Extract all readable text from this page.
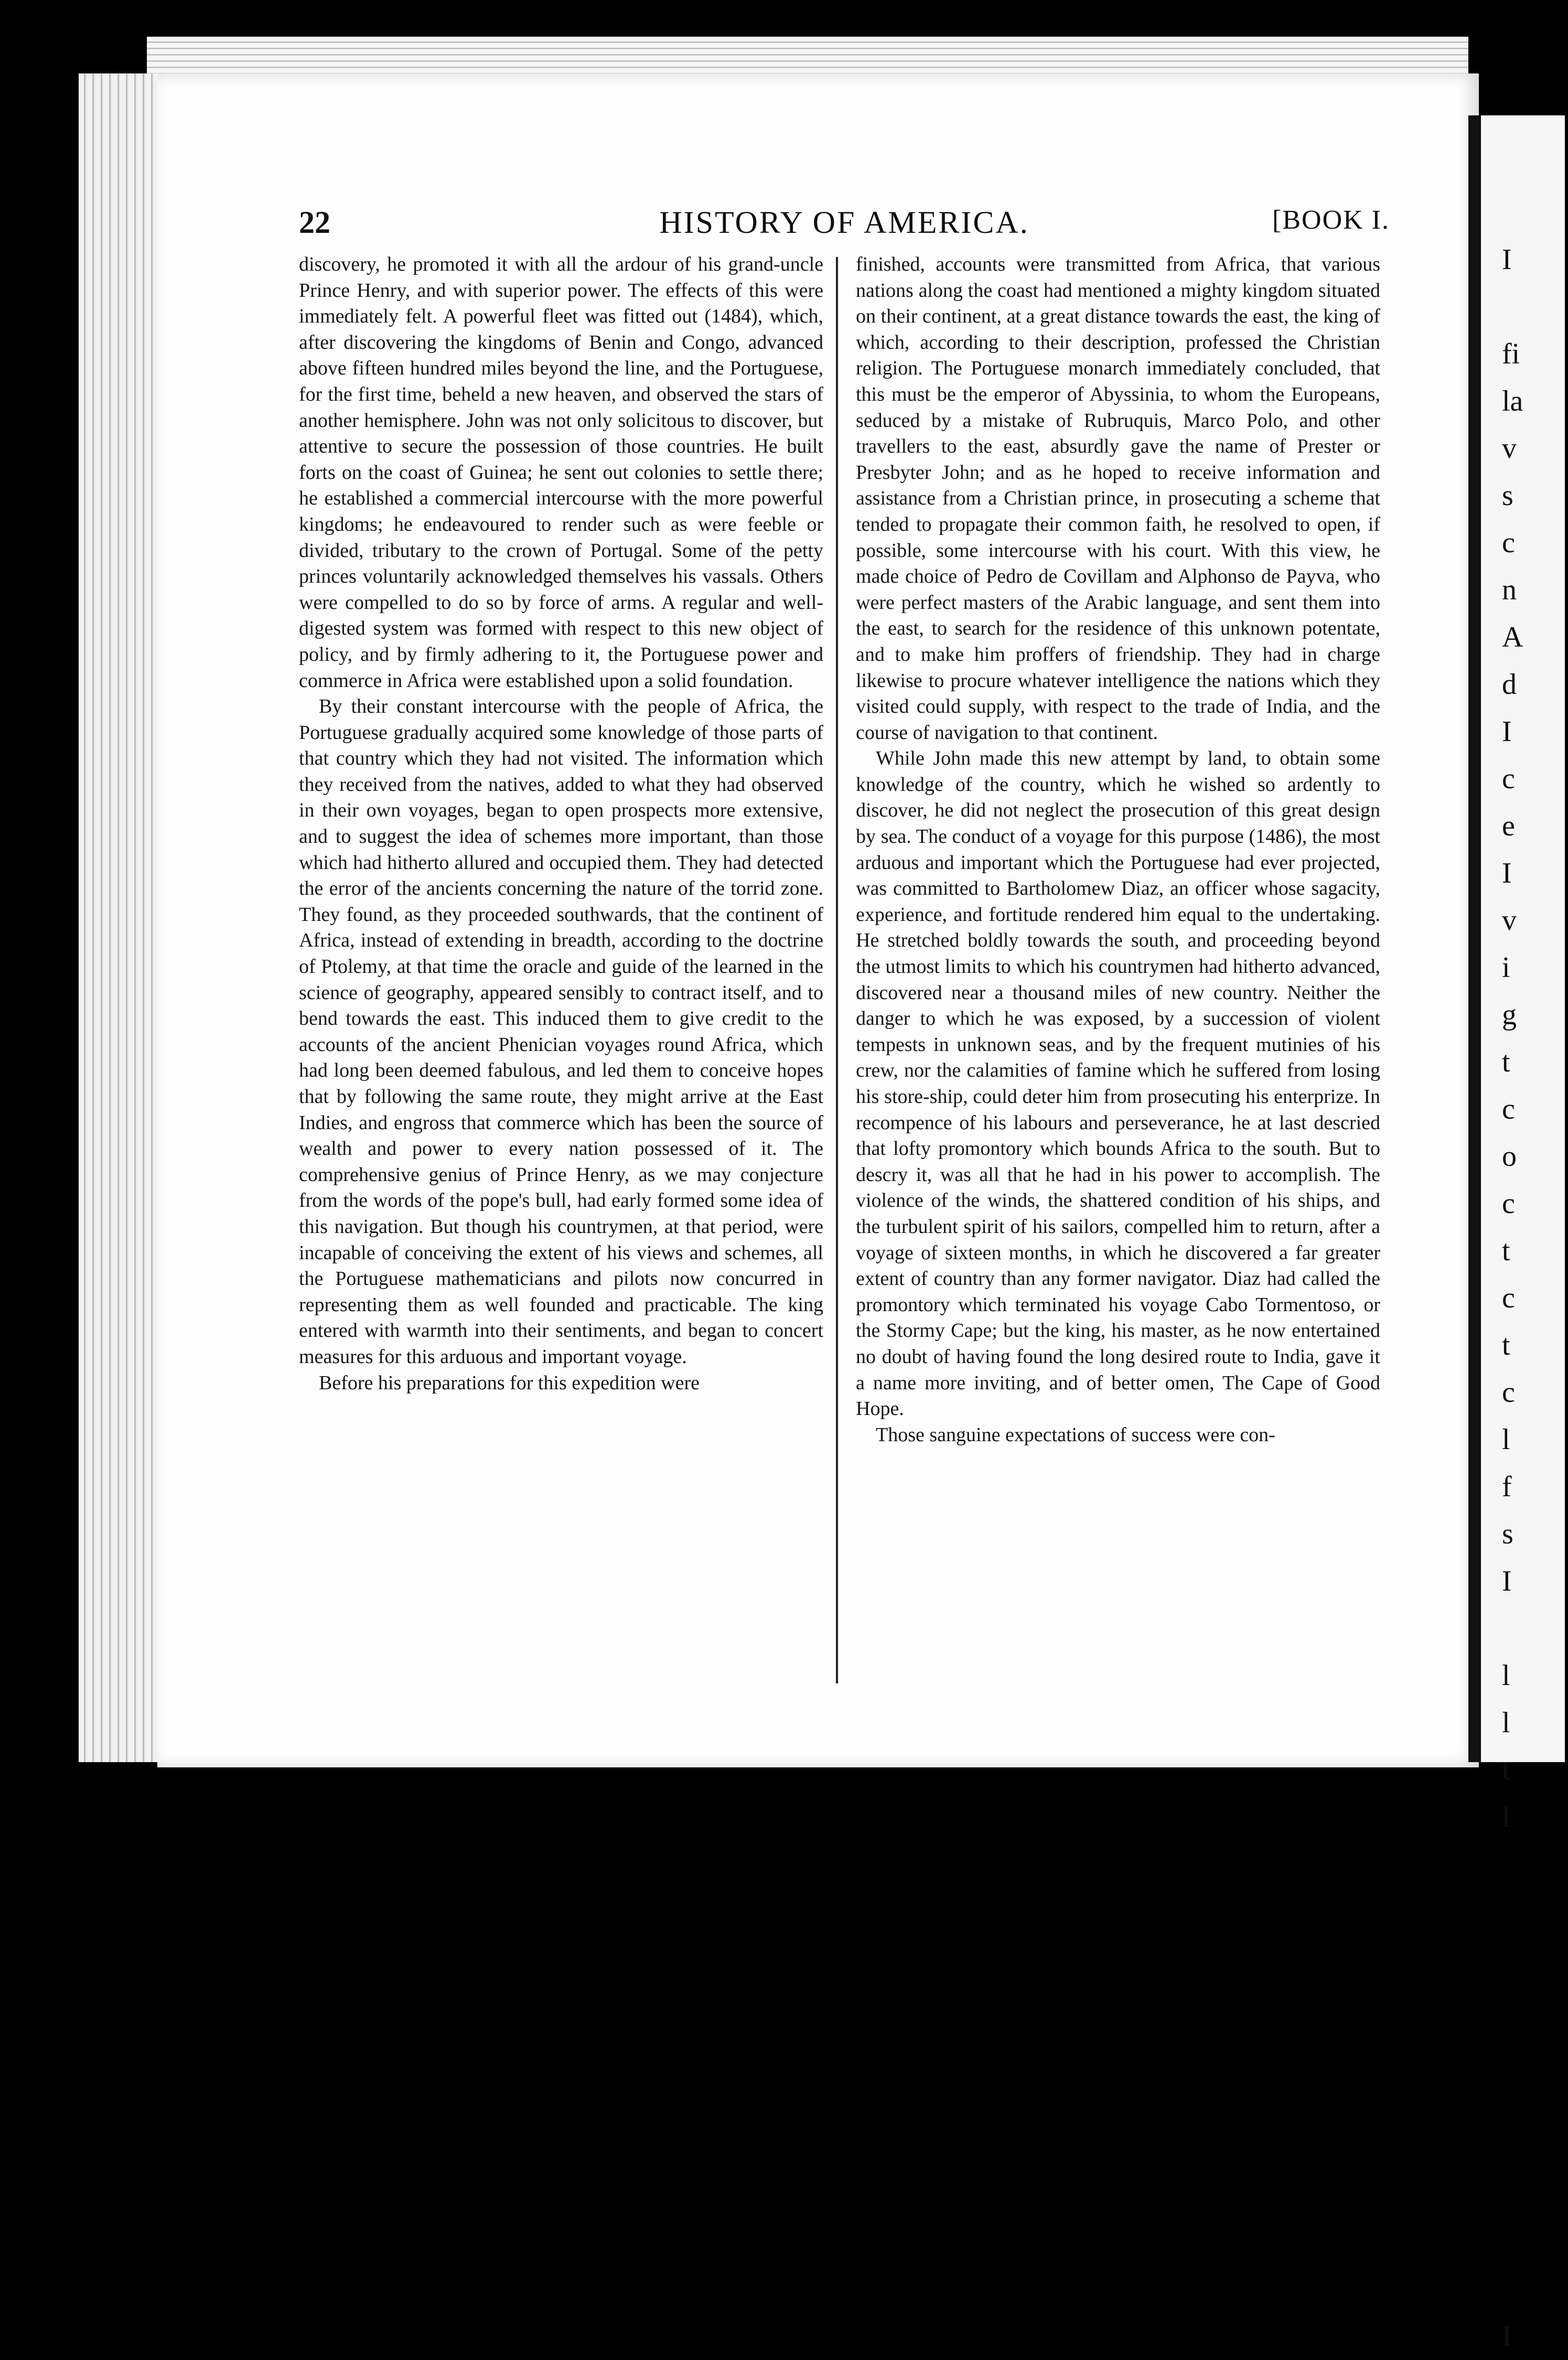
I

fi
la
v
s
c
n
A
d
I
c
e
I
v
i
g
t
c
o
c
t
c
t
c
l
f
s
I

l
l
t
l

I
22	HISTORY OF AMERICA.	[BOOK I.

discovery, he promoted it with all the ardour of his grand-uncle Prince Henry, and with superior power. The effects of this were immediately felt. A powerful fleet was fitted out (1484), which, after discovering the kingdoms of Benin and Congo, advanced above fifteen hundred miles beyond the line, and the Portuguese, for the first time, beheld a new heaven, and observed the stars of another hemisphere. John was not only solicitous to discover, but attentive to secure the possession of those countries. He built forts on the coast of Guinea; he sent out colonies to settle there; he established a commercial intercourse with the more powerful kingdoms; he endeavoured to render such as were feeble or divided, tributary to the crown of Portugal. Some of the petty princes voluntarily acknowledged themselves his vassals. Others were compelled to do so by force of arms. A regular and well-digested system was formed with respect to this new object of policy, and by firmly adhering to it, the Portuguese power and commerce in Africa were established upon a solid foundation.

By their constant intercourse with the people of Africa, the Portuguese gradually acquired some knowledge of those parts of that country which they had not visited. The information which they received from the natives, added to what they had observed in their own voyages, began to open prospects more extensive, and to suggest the idea of schemes more important, than those which had hitherto allured and occupied them. They had detected the error of the ancients concerning the nature of the torrid zone. They found, as they proceeded southwards, that the continent of Africa, instead of extending in breadth, according to the doctrine of Ptolemy, at that time the oracle and guide of the learned in the science of geography, appeared sensibly to contract itself, and to bend towards the east. This induced them to give credit to the accounts of the ancient Phenician voyages round Africa, which had long been deemed fabulous, and led them to conceive hopes that by following the same route, they might arrive at the East Indies, and engross that commerce which has been the source of wealth and power to every nation possessed of it. The comprehensive genius of Prince Henry, as we may conjecture from the words of the pope's bull, had early formed some idea of this navigation. But though his countrymen, at that period, were incapable of conceiving the extent of his views and schemes, all the Portuguese mathematicians and pilots now concurred in representing them as well founded and practicable. The king entered with warmth into their sentiments, and began to concert measures for this arduous and important voyage.

Before his preparations for this expedition were

finished, accounts were transmitted from Africa, that various nations along the coast had mentioned a mighty kingdom situated on their continent, at a great distance towards the east, the king of which, according to their description, professed the Christian religion. The Portuguese monarch immediately concluded, that this must be the emperor of Abyssinia, to whom the Europeans, seduced by a mistake of Rubruquis, Marco Polo, and other travellers to the east, absurdly gave the name of Prester or Presbyter John; and as he hoped to receive information and assistance from a Christian prince, in prosecuting a scheme that tended to propagate their common faith, he resolved to open, if possible, some intercourse with his court. With this view, he made choice of Pedro de Covillam and Alphonso de Payva, who were perfect masters of the Arabic language, and sent them into the east, to search for the residence of this unknown potentate, and to make him proffers of friendship. They had in charge likewise to procure whatever intelligence the nations which they visited could supply, with respect to the trade of India, and the course of navigation to that continent.

While John made this new attempt by land, to obtain some knowledge of the country, which he wished so ardently to discover, he did not neglect the prosecution of this great design by sea. The conduct of a voyage for this purpose (1486), the most arduous and important which the Portuguese had ever projected, was committed to Bartholomew Diaz, an officer whose sagacity, experience, and fortitude rendered him equal to the undertaking. He stretched boldly towards the south, and proceeding beyond the utmost limits to which his countrymen had hitherto advanced, discovered near a thousand miles of new country. Neither the danger to which he was exposed, by a succession of violent tempests in unknown seas, and by the frequent mutinies of his crew, nor the calamities of famine which he suffered from losing his store-ship, could deter him from prosecuting his enterprize. In recompence of his labours and perseverance, he at last descried that lofty promontory which bounds Africa to the south. But to descry it, was all that he had in his power to accomplish. The violence of the winds, the shattered condition of his ships, and the turbulent spirit of his sailors, compelled him to return, after a voyage of sixteen months, in which he discovered a far greater extent of country than any former navigator. Diaz had called the promontory which terminated his voyage Cabo Tormentoso, or the Stormy Cape; but the king, his master, as he now entertained no doubt of having found the long desired route to India, gave it a name more inviting, and of better omen, The Cape of Good Hope.

Those sanguine expectations of success were con-
